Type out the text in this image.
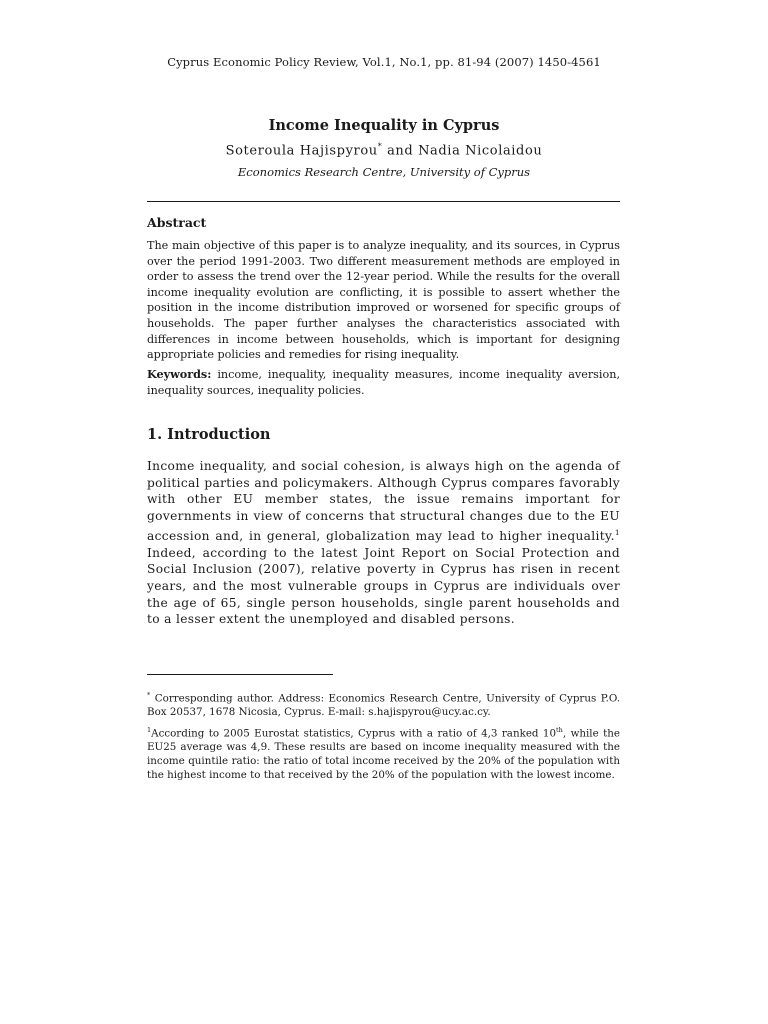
Cyprus Economic Policy Review, Vol.1, No.1, pp. 81-94 (2007) 1450-4561
Income Inequality in Cyprus
Soteroula Hajispyrou* and Nadia Nicolaidou
Economics Research Centre, University of Cyprus
Abstract
The main objective of this paper is to analyze inequality, and its sources, in Cyprus over the period 1991-2003. Two different measurement methods are employed in order to assess the trend over the 12-year period. While the results for the overall income inequality evolution are conflicting, it is possible to assert whether the position in the income distribution improved or worsened for specific groups of households. The paper further analyses the characteristics associated with differences in income between households, which is important for designing appropriate policies and remedies for rising inequality.
Keywords: income, inequality, inequality measures, income inequality aversion, inequality sources, inequality policies.
1. Introduction
Income inequality, and social cohesion, is always high on the agenda of political parties and policymakers. Although Cyprus compares favorably with other EU member states, the issue remains important for governments in view of concerns that structural changes due to the EU accession and, in general, globalization may lead to higher inequality.$^1$ Indeed, according to the latest Joint Report on Social Protection and Social Inclusion (2007), relative poverty in Cyprus has risen in recent years, and the most vulnerable groups in Cyprus are individuals over the age of 65, single person households, single parent households and to a lesser extent the unemployed and disabled persons.
* Corresponding author. Address: Economics Research Centre, University of Cyprus P.O. Box 20537, 1678 Nicosia, Cyprus. E-mail: s.hajispyrou@ucy.ac.cy.
$^1$According to 2005 Eurostat statistics, Cyprus with a ratio of 4,3 ranked 10th, while the EU25 average was 4,9. These results are based on income inequality measured with the income quintile ratio: the ratio of total income received by the 20% of the population with the highest income to that received by the 20% of the population with the lowest income.
